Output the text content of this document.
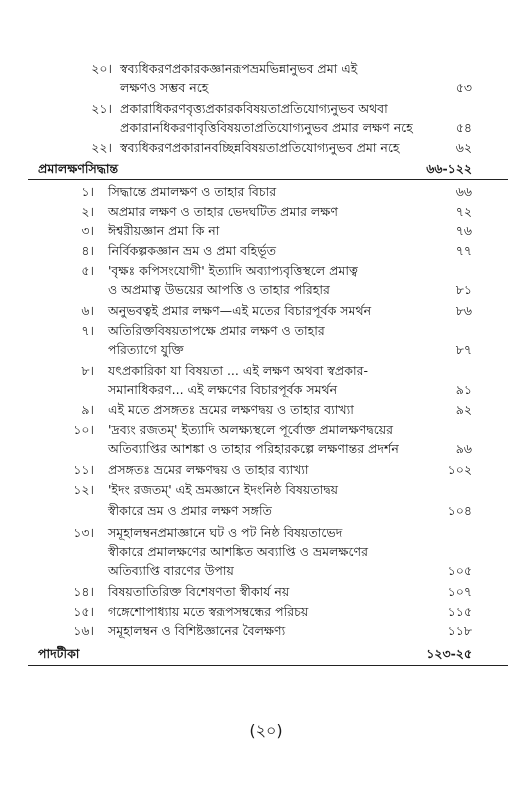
২০। স্বব্যধিকরণপ্রকারকজ্ঞানরূপভ্রমভিন্নানুভব প্রমা এই
লক্ষণও সম্ভব নহে	৫৩
২১। প্রকারাধিকরণবৃত্ত্যপ্রকারকবিষয়তাপ্রতিযোগ্যনুভব অথবা
প্রকারানধিকরণাবৃত্তিবিষয়তাপ্রতিযোগ্যনুভব প্রমার লক্ষণ নহে	৫৪
২২। স্বব্যধিকরণপ্রকারানবচ্ছিন্নবিষয়তাপ্রতিযোগ্যনুভব প্রমা নহে	৬২
প্রমালক্ষণসিদ্ধান্ত	৬৬-১২২
১। সিদ্ধান্তে প্রমালক্ষণ ও তাহার বিচার	৬৬
২। অপ্রমার লক্ষণ ও তাহার ভেদঘটিত প্রমার লক্ষণ	৭২
৩। ঈশ্বরীয়জ্ঞান প্রমা কি না	৭৬
৪। নির্বিকল্পকজ্ঞান ভ্রম ও প্রমা বহির্ভূত	৭৭
৫। 'বৃক্ষঃ কপিসংযোগী' ইত্যাদি অব্যাপ্যবৃত্তিস্থলে প্রমাত্ব
ও অপ্রমাত্ব উভয়ের আপত্তি ও তাহার পরিহার	৮১
৬। অনুভবত্বই প্রমার লক্ষণ—এই মতের বিচারপূর্বক সমর্থন	৮৬
৭। অতিরিক্তবিষয়তাপক্ষে প্রমার লক্ষণ ও তাহার
পরিত্যাগে যুক্তি	৮৭
৮। যৎপ্রকারিকা যা বিষয়তা ... এই লক্ষণ অথবা স্বপ্রকার-
সমানাধিকরণ... এই লক্ষণের বিচারপূর্বক সমর্থন	৯১
৯। এই মতে প্রসঙ্গতঃ ভ্রমের লক্ষণদ্বয় ও তাহার ব্যাখ্যা	৯২
১০। 'দ্রব্যং রজতম্' ইত্যাদি অলক্ষ্যস্থলে পূর্বোক্ত প্রমালক্ষণদ্বয়ের
অতিব্যাপ্তির আশঙ্কা ও তাহার পরিহারকল্পে লক্ষণান্তর প্রদর্শন	৯৬
১১। প্রসঙ্গতঃ ভ্রমের লক্ষণদ্বয় ও তাহার ব্যাখ্যা	১০২
১২। 'ইদং রজতম্' এই ভ্রমজ্ঞানে ইদংনিষ্ঠ বিষয়তাদ্বয়
স্বীকারে ভ্রম ও প্রমার লক্ষণ সঙ্গতি	১০৪
১৩। সমূহালম্বনপ্রমাজ্ঞানে ঘট ও পট নিষ্ঠ বিষয়তাভেদ
স্বীকারে প্রমালক্ষণের আশঙ্কিত অব্যাপ্তি ও ভ্রমলক্ষণের
অতিব্যাপ্তি বারণের উপায়	১০৫
১৪। বিষয়তাতিরিক্ত বিশেষণতা স্বীকার্য নয়	১০৭
১৫। গঙ্গেশোপাধ্যায় মতে স্বরূপসম্বন্ধের পরিচয়	১১৫
১৬। সমূহালম্বন ও বিশিষ্টজ্ঞানের বৈলক্ষণ্য	১১৮
পাদটীকা	১২৩-২৫
(২০)
